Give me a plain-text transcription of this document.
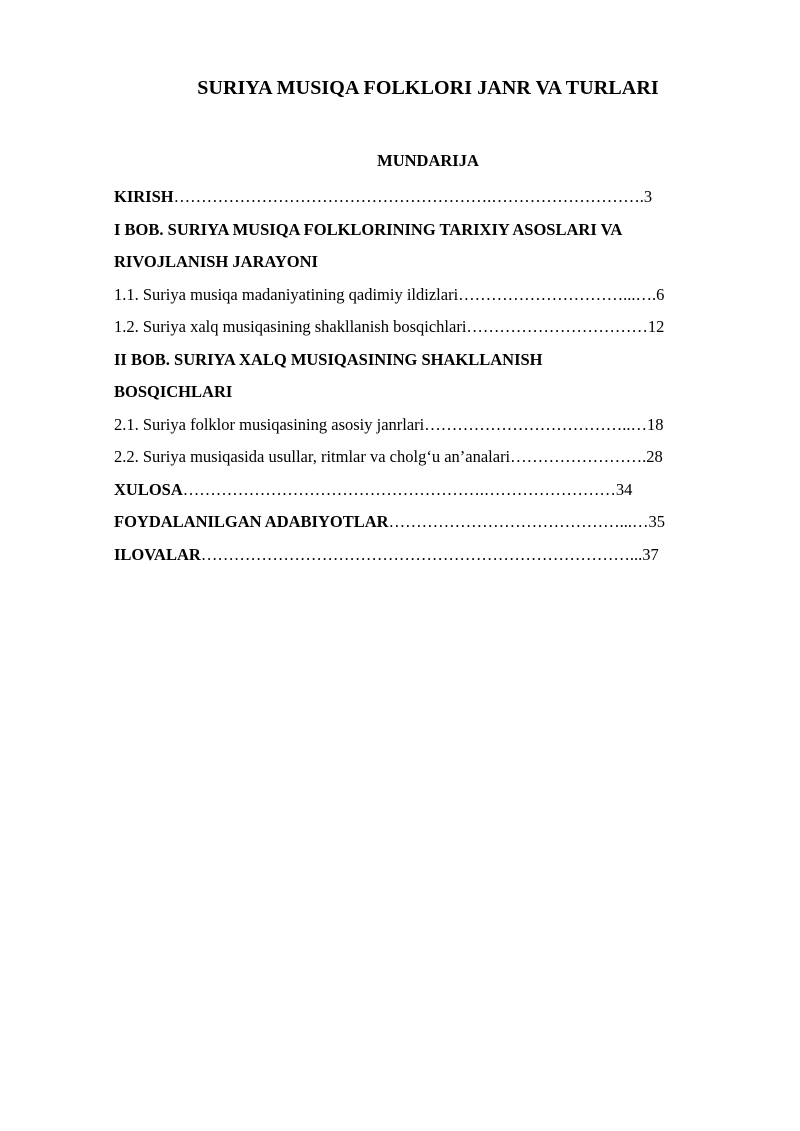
SURIYA MUSIQA FOLKLORI JANR VA TURLARI
MUNDARIJA
KIRISH………………………………………………….……………………….3
I BOB. SURIYA MUSIQA FOLKLORINING TARIXIY ASOSLARI VA
RIVOJLANISH JARAYONI
1.1. Suriya musiqa madaniyatining qadimiy ildizlari…………………………...….6
1.2. Suriya xalq musiqasining shakllanish bosqichlari……………………………12
II BOB. SURIYA XALQ MUSIQASINING SHAKLLANISH
BOSQICHLARI
2.1. Suriya folklor musiqasining asosiy janrlari………………………………..…18
2.2. Suriya musiqasida usullar, ritmlar va cholg‘u an’analari…………………….28
XULOSA……………………………………………….……………………34
FOYDALANILGAN ADABIYOTLAR……………………………………...…35
ILOVALAR……………………………………………………………………...37
